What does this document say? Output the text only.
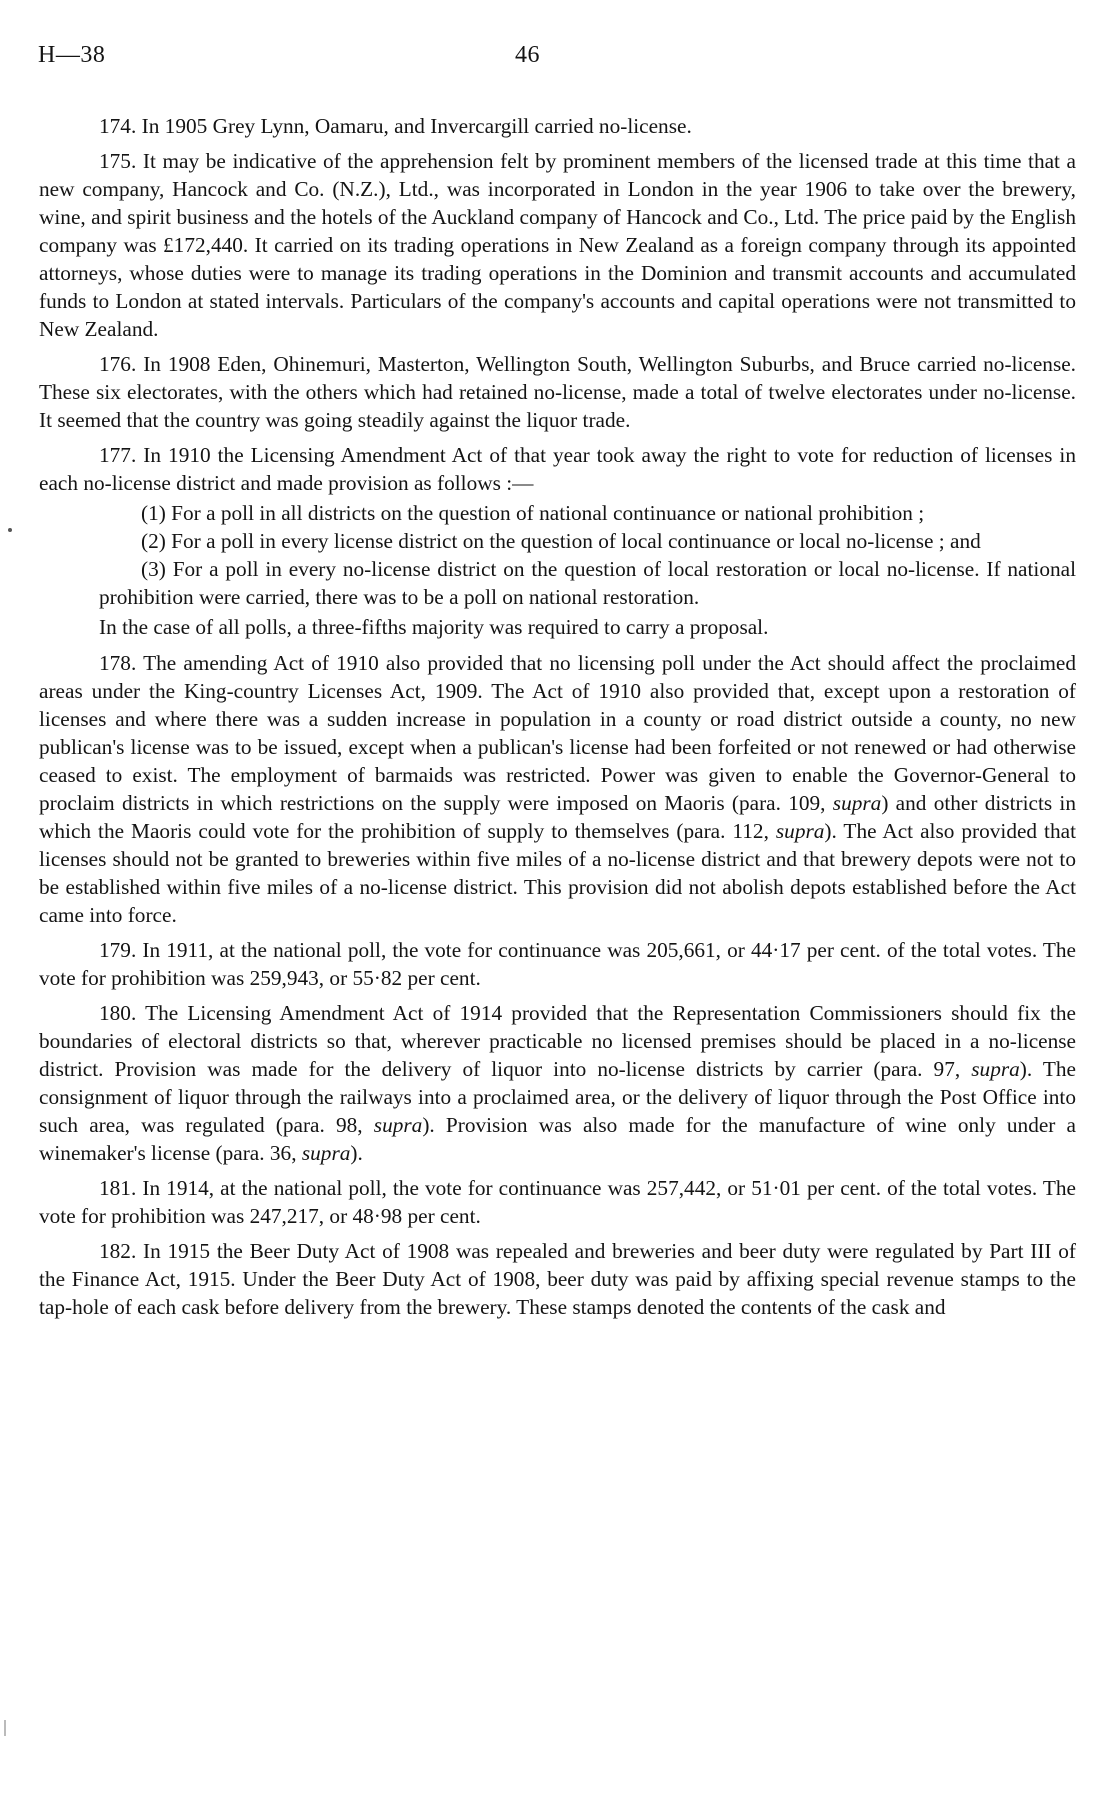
H—38	46

174. In 1905 Grey Lynn, Oamaru, and Invercargill carried no-license.

175. It may be indicative of the apprehension felt by prominent members of the licensed trade at this time that a new company, Hancock and Co. (N.Z.), Ltd., was incorporated in London in the year 1906 to take over the brewery, wine, and spirit business and the hotels of the Auckland company of Hancock and Co., Ltd. The price paid by the English company was £172,440. It carried on its trading operations in New Zealand as a foreign company through its appointed attorneys, whose duties were to manage its trading operations in the Dominion and transmit accounts and accumulated funds to London at stated intervals. Particulars of the company's accounts and capital operations were not transmitted to New Zealand.

176. In 1908 Eden, Ohinemuri, Masterton, Wellington South, Wellington Suburbs, and Bruce carried no-license. These six electorates, with the others which had retained no-license, made a total of twelve electorates under no-license. It seemed that the country was going steadily against the liquor trade.

177. In 1910 the Licensing Amendment Act of that year took away the right to vote for reduction of licenses in each no-license district and made provision as follows :—

(1) For a poll in all districts on the question of national continuance or national prohibition ;

(2) For a poll in every license district on the question of local continuance or local no-license ; and

(3) For a poll in every no-license district on the question of local restoration or local no-license. If national prohibition were carried, there was to be a poll on national restoration.

In the case of all polls, a three-fifths majority was required to carry a proposal.

178. The amending Act of 1910 also provided that no licensing poll under the Act should affect the proclaimed areas under the King-country Licenses Act, 1909. The Act of 1910 also provided that, except upon a restoration of licenses and where there was a sudden increase in population in a county or road district outside a county, no new publican's license was to be issued, except when a publican's license had been forfeited or not renewed or had otherwise ceased to exist. The employment of barmaids was restricted. Power was given to enable the Governor-General to proclaim districts in which restrictions on the supply were imposed on Maoris (para. 109, supra) and other districts in which the Maoris could vote for the prohibition of supply to themselves (para. 112, supra). The Act also provided that licenses should not be granted to breweries within five miles of a no-license district and that brewery depots were not to be established within five miles of a no-license district. This provision did not abolish depots established before the Act came into force.

179. In 1911, at the national poll, the vote for continuance was 205,661, or 44·17 per cent. of the total votes. The vote for prohibition was 259,943, or 55·82 per cent.

180. The Licensing Amendment Act of 1914 provided that the Representation Commissioners should fix the boundaries of electoral districts so that, wherever practicable no licensed premises should be placed in a no-license district. Provision was made for the delivery of liquor into no-license districts by carrier (para. 97, supra). The consignment of liquor through the railways into a proclaimed area, or the delivery of liquor through the Post Office into such area, was regulated (para. 98, supra). Provision was also made for the manufacture of wine only under a winemaker's license (para. 36, supra).

181. In 1914, at the national poll, the vote for continuance was 257,442, or 51·01 per cent. of the total votes. The vote for prohibition was 247,217, or 48·98 per cent.

182. In 1915 the Beer Duty Act of 1908 was repealed and breweries and beer duty were regulated by Part III of the Finance Act, 1915. Under the Beer Duty Act of 1908, beer duty was paid by affixing special revenue stamps to the tap-hole of each cask before delivery from the brewery. These stamps denoted the contents of the cask and
